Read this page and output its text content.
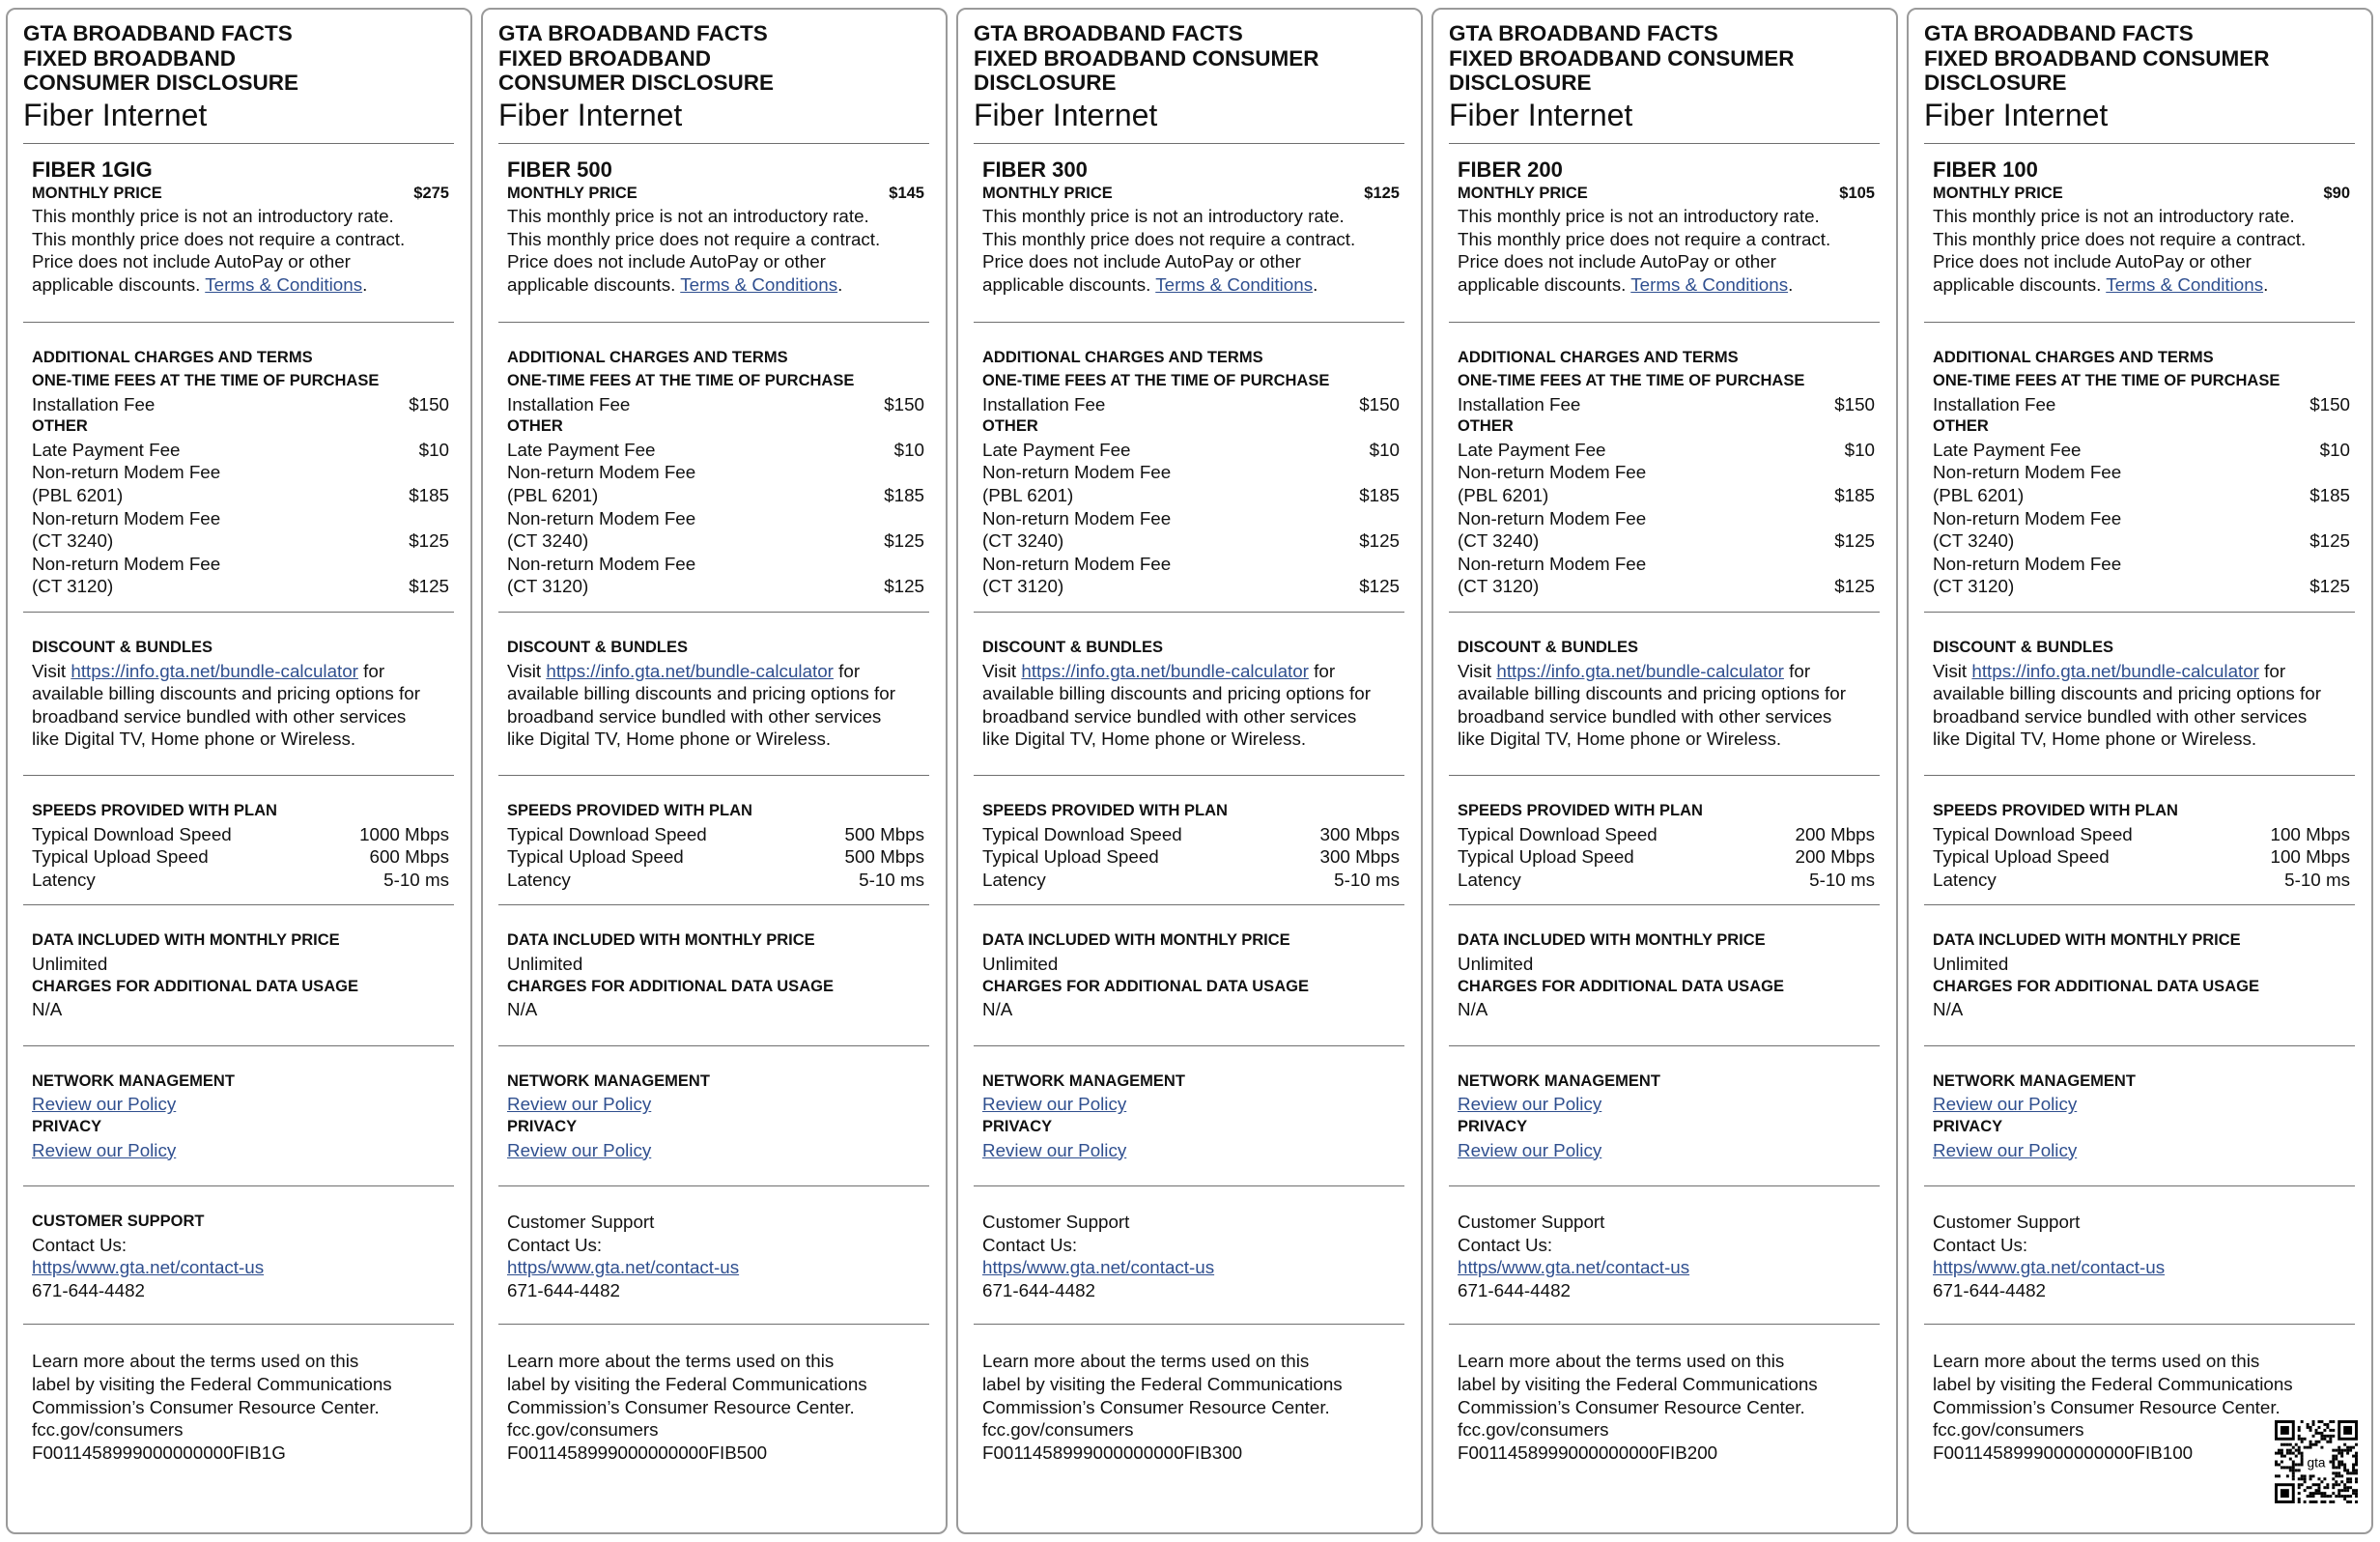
GTA BROADBAND FACTS
FIXED BROADBAND
CONSUMER DISCLOSURE
Fiber Internet
FIBER 1GIG
MONTHLY PRICE	$275
This monthly price is not an introductory rate.
This monthly price does not require a contract.
Price does not include AutoPay or other
applicable discounts. Terms & Conditions.
ADDITIONAL CHARGES AND TERMS
ONE-TIME FEES AT THE TIME OF PURCHASE
Installation Fee	$150
OTHER
Late Payment Fee	$10
Non-return Modem Fee
(PBL 6201)	$185
Non-return Modem Fee
(CT 3240)	$125
Non-return Modem Fee
(CT 3120)	$125
DISCOUNT & BUNDLES
Visit https://info.gta.net/bundle-calculator for
available billing discounts and pricing options for
broadband service bundled with other services
like Digital TV, Home phone or Wireless.
SPEEDS PROVIDED WITH PLAN
Typical Download Speed	1000 Mbps
Typical Upload Speed	600 Mbps
Latency	5-10 ms
DATA INCLUDED WITH MONTHLY PRICE
Unlimited
CHARGES FOR ADDITIONAL DATA USAGE
N/A
NETWORK MANAGEMENT
Review our Policy
PRIVACY
Review our Policy
CUSTOMER SUPPORT
Contact Us:
https/www.gta.net/contact-us
671-644-4482
Learn more about the terms used on this
label by visiting the Federal Communications
Commission’s Consumer Resource Center.
fcc.gov/consumers
F0011458999000000000FIB1G
GTA BROADBAND FACTS
FIXED BROADBAND
CONSUMER DISCLOSURE
Fiber Internet
FIBER 500
MONTHLY PRICE	$145
This monthly price is not an introductory rate.
This monthly price does not require a contract.
Price does not include AutoPay or other
applicable discounts. Terms & Conditions.
ADDITIONAL CHARGES AND TERMS
ONE-TIME FEES AT THE TIME OF PURCHASE
Installation Fee	$150
OTHER
Late Payment Fee	$10
Non-return Modem Fee
(PBL 6201)	$185
Non-return Modem Fee
(CT 3240)	$125
Non-return Modem Fee
(CT 3120)	$125
DISCOUNT & BUNDLES
Visit https://info.gta.net/bundle-calculator for
available billing discounts and pricing options for
broadband service bundled with other services
like Digital TV, Home phone or Wireless.
SPEEDS PROVIDED WITH PLAN
Typical Download Speed	500 Mbps
Typical Upload Speed	500 Mbps
Latency	5-10 ms
DATA INCLUDED WITH MONTHLY PRICE
Unlimited
CHARGES FOR ADDITIONAL DATA USAGE
N/A
NETWORK MANAGEMENT
Review our Policy
PRIVACY
Review our Policy
Customer Support
Contact Us:
https/www.gta.net/contact-us
671-644-4482
Learn more about the terms used on this
label by visiting the Federal Communications
Commission’s Consumer Resource Center.
fcc.gov/consumers
F0011458999000000000FIB500
GTA BROADBAND FACTS
FIXED BROADBAND CONSUMER
DISCLOSURE
Fiber Internet
FIBER 300
MONTHLY PRICE	$125
This monthly price is not an introductory rate.
This monthly price does not require a contract.
Price does not include AutoPay or other
applicable discounts. Terms & Conditions.
ADDITIONAL CHARGES AND TERMS
ONE-TIME FEES AT THE TIME OF PURCHASE
Installation Fee	$150
OTHER
Late Payment Fee	$10
Non-return Modem Fee
(PBL 6201)	$185
Non-return Modem Fee
(CT 3240)	$125
Non-return Modem Fee
(CT 3120)	$125
DISCOUNT & BUNDLES
Visit https://info.gta.net/bundle-calculator for
available billing discounts and pricing options for
broadband service bundled with other services
like Digital TV, Home phone or Wireless.
SPEEDS PROVIDED WITH PLAN
Typical Download Speed	300 Mbps
Typical Upload Speed	300 Mbps
Latency	5-10 ms
DATA INCLUDED WITH MONTHLY PRICE
Unlimited
CHARGES FOR ADDITIONAL DATA USAGE
N/A
NETWORK MANAGEMENT
Review our Policy
PRIVACY
Review our Policy
Customer Support
Contact Us:
https/www.gta.net/contact-us
671-644-4482
Learn more about the terms used on this
label by visiting the Federal Communications
Commission’s Consumer Resource Center.
fcc.gov/consumers
F0011458999000000000FIB300
GTA BROADBAND FACTS
FIXED BROADBAND CONSUMER
DISCLOSURE
Fiber Internet
FIBER 200
MONTHLY PRICE	$105
This monthly price is not an introductory rate.
This monthly price does not require a contract.
Price does not include AutoPay or other
applicable discounts. Terms & Conditions.
ADDITIONAL CHARGES AND TERMS
ONE-TIME FEES AT THE TIME OF PURCHASE
Installation Fee	$150
OTHER
Late Payment Fee	$10
Non-return Modem Fee
(PBL 6201)	$185
Non-return Modem Fee
(CT 3240)	$125
Non-return Modem Fee
(CT 3120)	$125
DISCOUNT & BUNDLES
Visit https://info.gta.net/bundle-calculator for
available billing discounts and pricing options for
broadband service bundled with other services
like Digital TV, Home phone or Wireless.
SPEEDS PROVIDED WITH PLAN
Typical Download Speed	200 Mbps
Typical Upload Speed	200 Mbps
Latency	5-10 ms
DATA INCLUDED WITH MONTHLY PRICE
Unlimited
CHARGES FOR ADDITIONAL DATA USAGE
N/A
NETWORK MANAGEMENT
Review our Policy
PRIVACY
Review our Policy
Customer Support
Contact Us:
https/www.gta.net/contact-us
671-644-4482
Learn more about the terms used on this
label by visiting the Federal Communications
Commission’s Consumer Resource Center.
fcc.gov/consumers
F0011458999000000000FIB200
GTA BROADBAND FACTS
FIXED BROADBAND CONSUMER
DISCLOSURE
Fiber Internet
FIBER 100
MONTHLY PRICE	$90
This monthly price is not an introductory rate.
This monthly price does not require a contract.
Price does not include AutoPay or other
applicable discounts. Terms & Conditions.
ADDITIONAL CHARGES AND TERMS
ONE-TIME FEES AT THE TIME OF PURCHASE
Installation Fee	$150
OTHER
Late Payment Fee	$10
Non-return Modem Fee
(PBL 6201)	$185
Non-return Modem Fee
(CT 3240)	$125
Non-return Modem Fee
(CT 3120)	$125
DISCOUNT & BUNDLES
Visit https://info.gta.net/bundle-calculator for
available billing discounts and pricing options for
broadband service bundled with other services
like Digital TV, Home phone or Wireless.
SPEEDS PROVIDED WITH PLAN
Typical Download Speed	100 Mbps
Typical Upload Speed	100 Mbps
Latency	5-10 ms
DATA INCLUDED WITH MONTHLY PRICE
Unlimited
CHARGES FOR ADDITIONAL DATA USAGE
N/A
NETWORK MANAGEMENT
Review our Policy
PRIVACY
Review our Policy
Customer Support
Contact Us:
https/www.gta.net/contact-us
671-644-4482
Learn more about the terms used on this
label by visiting the Federal Communications
Commission’s Consumer Resource Center.
fcc.gov/consumers
F0011458999000000000FIB100	gta
